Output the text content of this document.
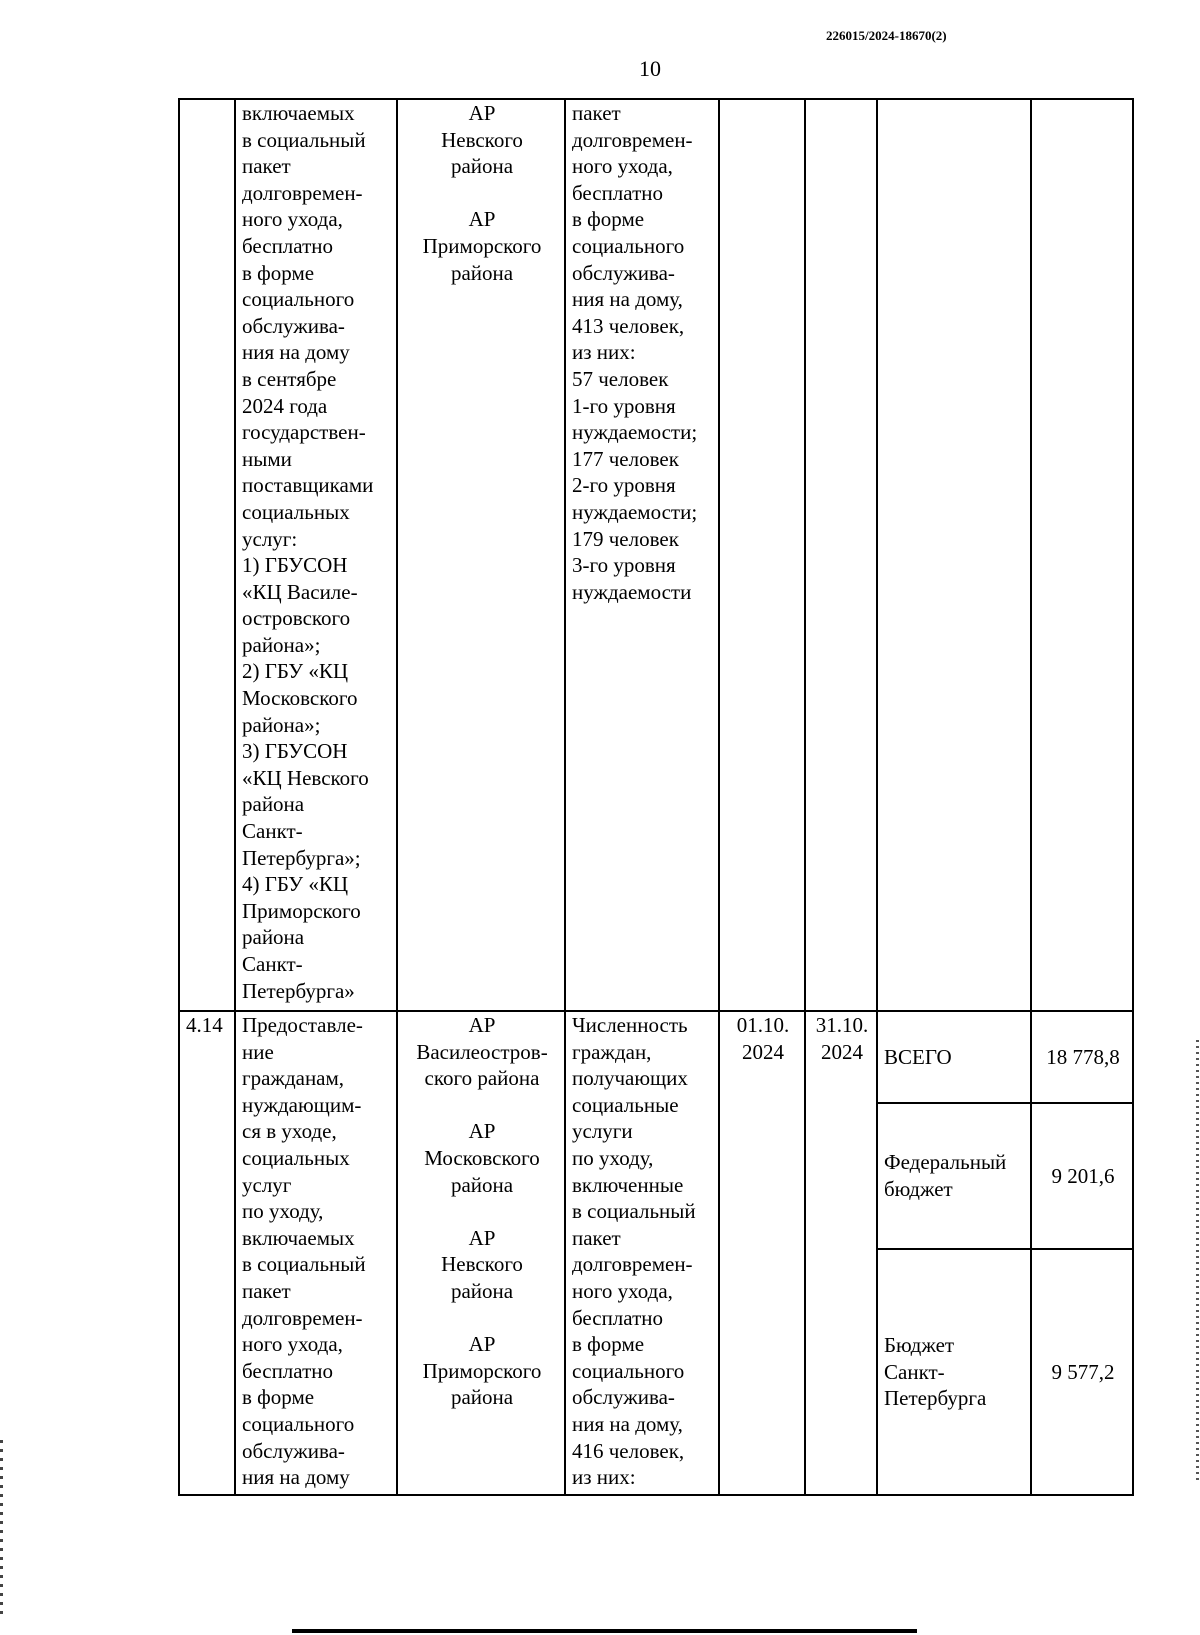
226015/2024-18670(2)
10
включаемых
в социальный
пакет
долговремен-
ного ухода,
бесплатно
в форме
социального
обслужива-
ния на дому
в сентябре
2024 года
государствен-
ными
поставщиками
социальных
услуг:
1) ГБУСОН
«КЦ Василе-
островского
района»;
2) ГБУ «КЦ
Московского
района»;
3) ГБУСОН
«КЦ Невского
района
Санкт-
Петербурга»;
4) ГБУ «КЦ
Приморского
района
Санкт-
Петербурга»
АР
Невского
района

АР
Приморского
района
пакет
долговремен-
ного ухода,
бесплатно
в форме
социального
обслужива-
ния на дому,
413 человек,
из них:
57 человек
1-го уровня
нуждаемости;
177 человек
2-го уровня
нуждаемости;
179 человек
3-го уровня
нуждаемости
4.14 Предоставле-
ние
гражданам,
нуждающим-
ся в уходе,
социальных
услуг
по уходу,
включаемых
в социальный
пакет
долговремен-
ного ухода,
бесплатно
в форме
социального
обслужива-
ния на дому
АР
Василеостров-
ского района

АР
Московского
района

АР
Невского
района

АР
Приморского
района
Численность
граждан,
получающих
социальные
услуги
по уходу,
включенные
в социальный
пакет
долговремен-
ного ухода,
бесплатно
в форме
социального
обслужива-
ния на дому,
416 человек,
из них:
01.10.
2024
31.10.
2024	ВСЕГО	18 778,8
Федеральный
бюджет
9 201,6
Бюджет
Санкт-
Петербурга
9 577,2
